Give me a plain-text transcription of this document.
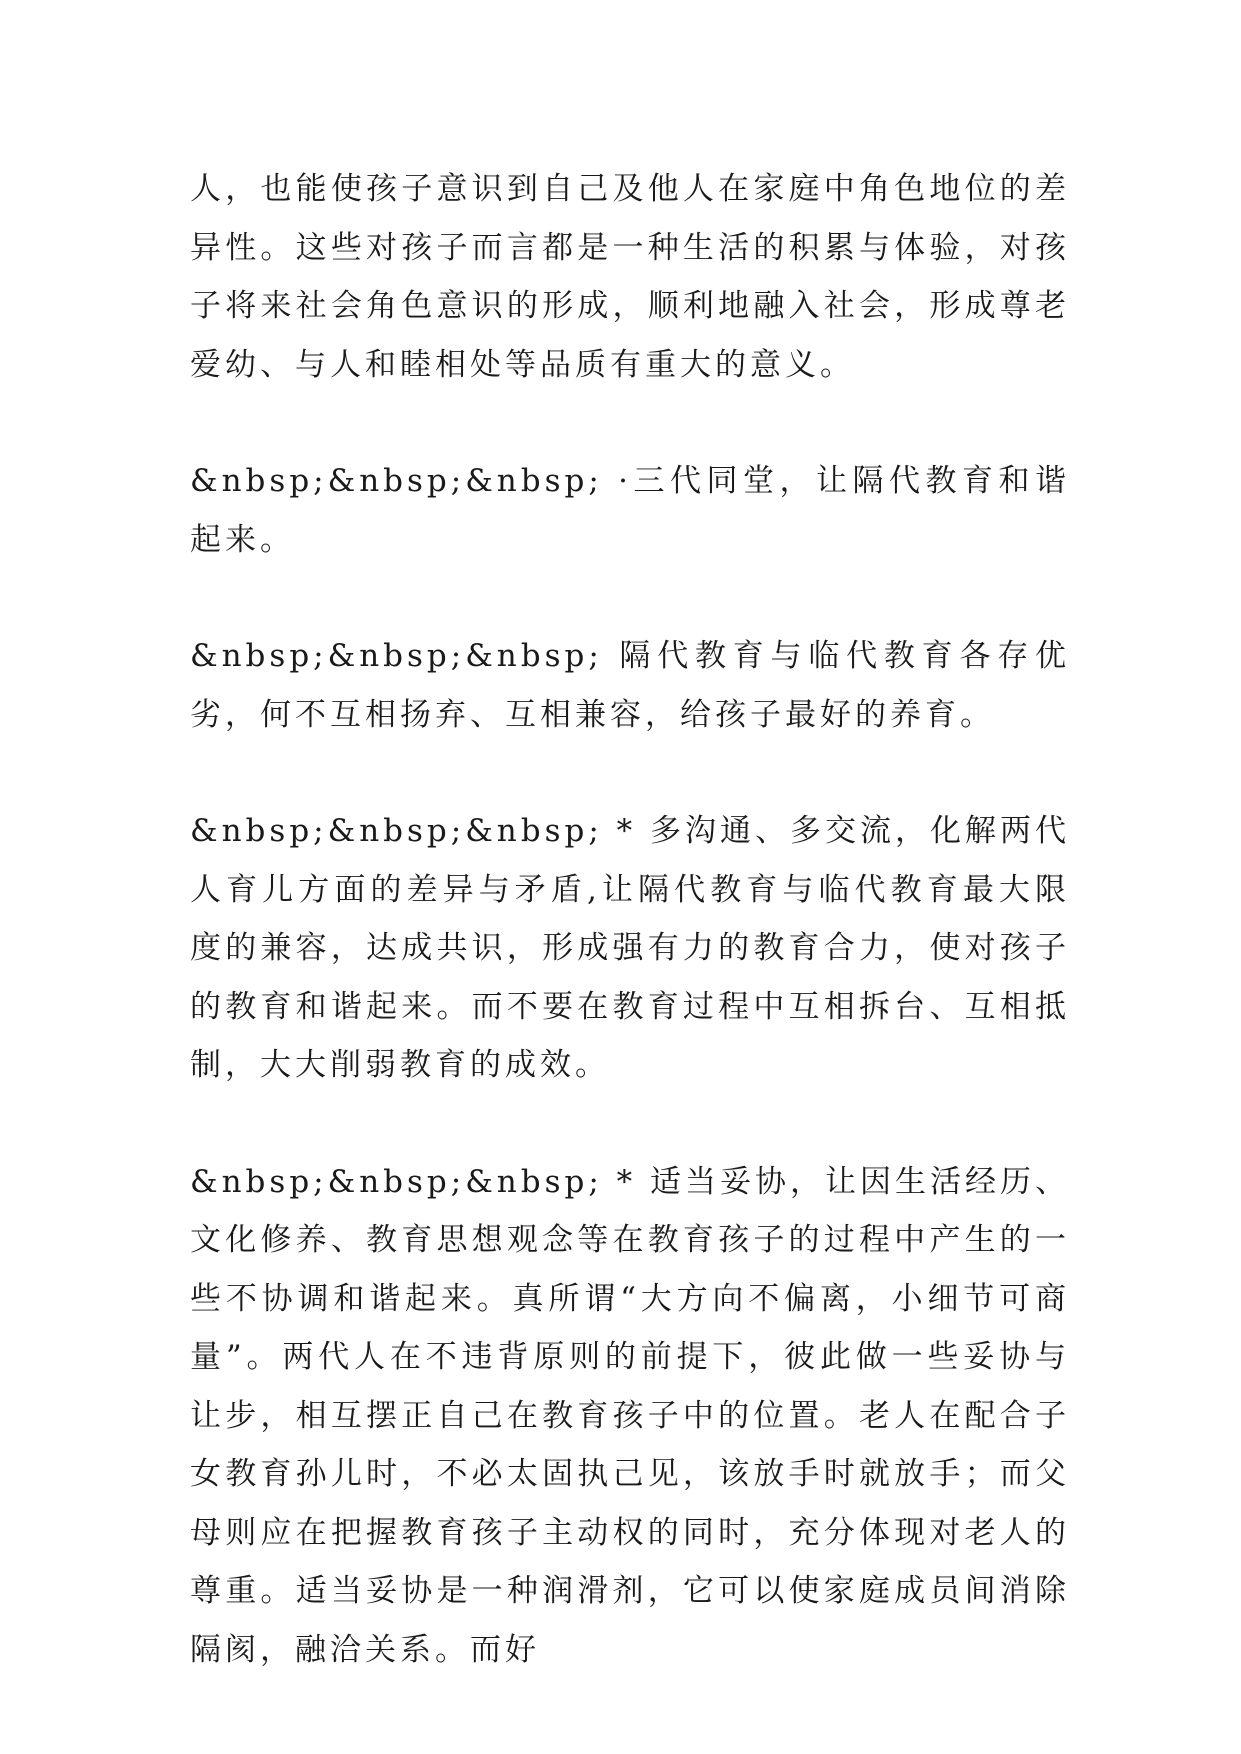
人，也能使孩子意识到自己及他人在家庭中角色地位的差异性。这些对孩子而言都是一种生活的积累与体验，对孩子将来社会角色意识的形成，顺利地融入社会，形成尊老爱幼、与人和睦相处等品质有重大的意义。

&nbsp;&nbsp;&nbsp; ·三代同堂，让隔代教育和谐起来。

&nbsp;&nbsp;&nbsp; 隔代教育与临代教育各存优劣，何不互相扬弃、互相兼容，给孩子最好的养育。

&nbsp;&nbsp;&nbsp; * 多沟通、多交流，化解两代人育儿方面的差异与矛盾,让隔代教育与临代教育最大限度的兼容，达成共识，形成强有力的教育合力，使对孩子的教育和谐起来。而不要在教育过程中互相拆台、互相抵制，大大削弱教育的成效。

&nbsp;&nbsp;&nbsp; * 适当妥协，让因生活经历、文化修养、教育思想观念等在教育孩子的过程中产生的一些不协调和谐起来。真所谓“大方向不偏离，小细节可商量”。两代人在不违背原则的前提下，彼此做一些妥协与让步，相互摆正自己在教育孩子中的位置。老人在配合子女教育孙儿时，不必太固执己见，该放手时就放手；而父母则应在把握教育孩子主动权的同时，充分体现对老人的尊重。适当妥协是一种润滑剂，它可以使家庭成员间消除隔阂，融洽关系。而好
